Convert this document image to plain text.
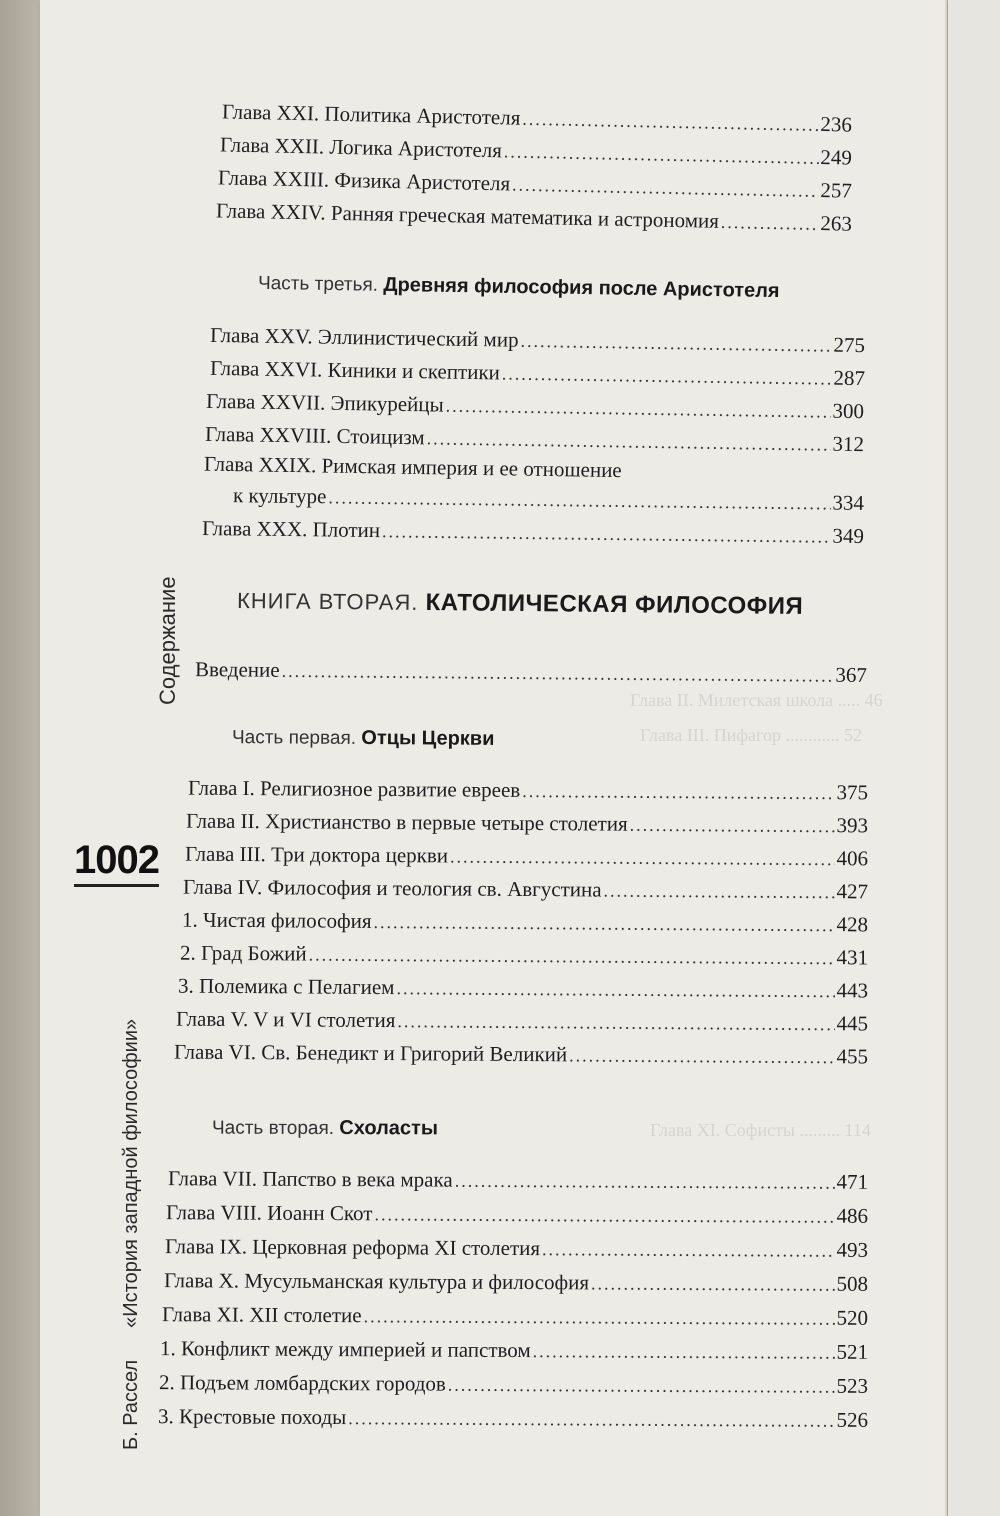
Глава II. Милетская школа ..... 46
Глава III. Пифагор ............ 52
Глава XI. Софисты ......... 114
Содержание
1002
Б. Рассел«История западной философии»
Глава XXI. Политика Аристотеля .....	236
Глава XXII. Логика Аристотеля .....	249
Глава XXIII. Физика Аристотеля .....	257
Глава XXIV. Ранняя греческая математика и астрономия .....	263
Часть третья. Древняя философия после Аристотеля
Глава XXV. Эллинистический мир .....	275
Глава XXVI. Киники и скептики .....	287
Глава XXVII. Эпикурейцы .....	300
Глава XXVIII. Стоицизм .....	312
Глава XXIX. Римская империя и ее отношение
к культуре .....	334
Глава XXX. Плотин .....	349
КНИГА ВТОРАЯ. КАТОЛИЧЕСКАЯ ФИЛОСОФИЯ
Введение .....	367
Часть первая. Отцы Церкви
Глава I. Религиозное развитие евреев .....	375
Глава II. Христианство в первые четыре столетия .....	393
Глава III. Три доктора церкви .....	406
Глава IV. Философия и теология св. Августина .....	427
1. Чистая философия .....	428
2. Град Божий .....	431
3. Полемика с Пелагием .....	443
Глава V. V и VI столетия .....	445
Глава VI. Св. Бенедикт и Григорий Великий .....	455
Часть вторая. Схоласты
Глава VII. Папство в века мрака .....	471
Глава VIII. Иоанн Скот .....	486
Глава IX. Церковная реформа XI столетия .....	493
Глава X. Мусульманская культура и философия .....	508
Глава XI. XII столетие .....	520
1. Конфликт между империей и папством .....	521
2. Подъем ломбардских городов .....	523
3. Крестовые походы .....	526
